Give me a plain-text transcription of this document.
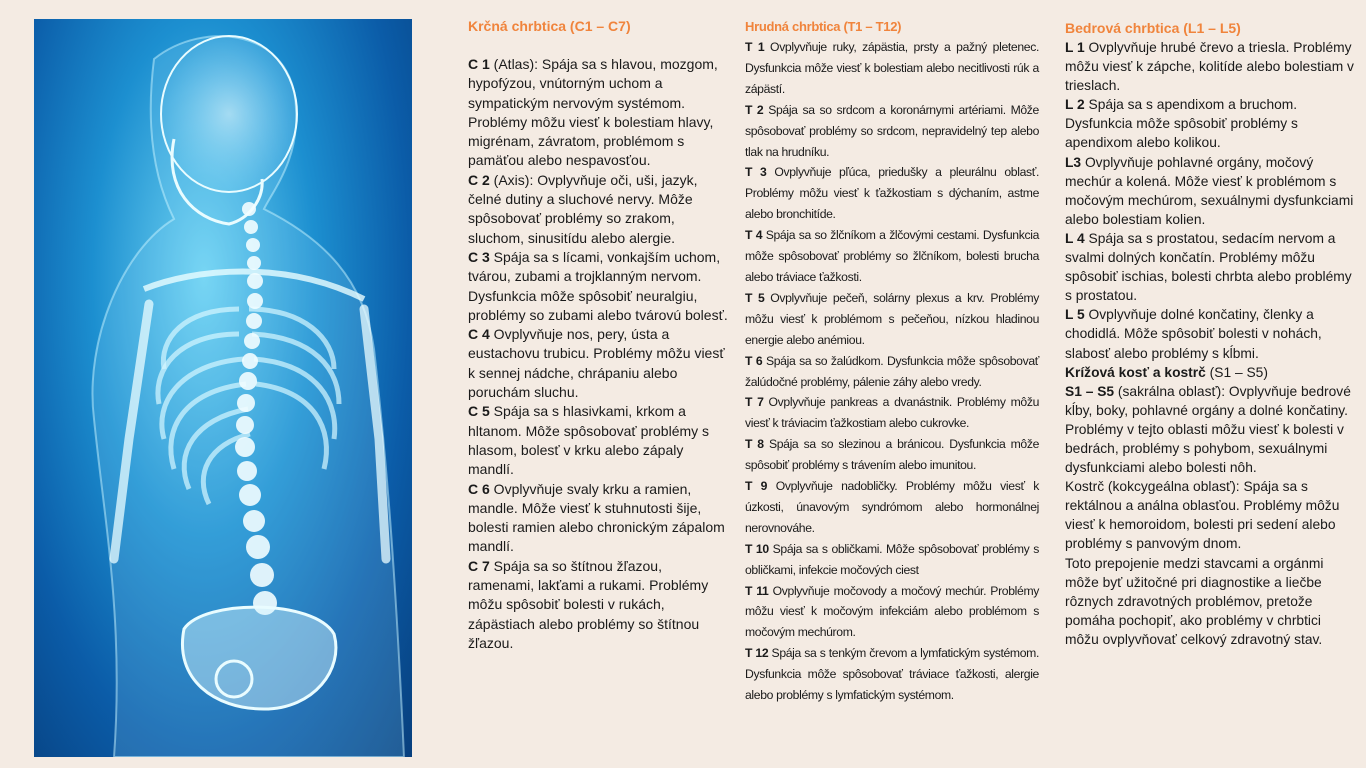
Krčná chrbtica (C1 – C7)

C 1 (Atlas): Spája sa s hlavou, mozgom, hypofýzou, vnútorným uchom a sympatickým nervovým systémom. Problémy môžu viesť k bolestiam hlavy, migrénam, závratom, problémom s pamäťou alebo nespavosťou.

C 2 (Axis): Ovplyvňuje oči, uši, jazyk, čelné dutiny a sluchové nervy. Môže spôsobovať problémy so zrakom, sluchom, sinusitídu alebo alergie.

C 3 Spája sa s lícami, vonkajším uchom, tvárou, zubami a trojklanným nervom. Dysfunkcia môže spôsobiť neuralgiu, problémy so zubami alebo tvárovú bolesť.

C 4 Ovplyvňuje nos, pery, ústa a eustachovu trubicu. Problémy môžu viesť k sennej nádche, chrápaniu alebo poruchám sluchu.

C 5 Spája sa s hlasivkami, krkom a hltanom. Môže spôsobovať problémy s hlasom, bolesť v krku alebo zápaly mandlí.

C 6 Ovplyvňuje svaly krku a ramien, mandle. Môže viesť k stuhnutosti šije, bolesti ramien alebo chronickým zápalom mandlí.

C 7 Spája sa so štítnou žľazou, ramenami, lakťami a rukami. Problémy môžu spôsobiť bolesti v rukách, zápästiach alebo problémy so štítnou žľazou.

Hrudná chrbtica (T1 – T12)

T 1 Ovplyvňuje ruky, zápästia, prsty a pažný pletenec. Dysfunkcia môže viesť k bolestiam alebo necitlivosti rúk a zápästí.

T 2 Spája sa so srdcom a koronárnymi artériami. Môže spôsobovať problémy so srdcom, nepravidelný tep alebo tlak na hrudníku.

T 3 Ovplyvňuje pľúca, priedušky a pleurálnu oblasť. Problémy môžu viesť k ťažkostiam s dýchaním, astme alebo bronchitíde.

T 4 Spája sa so žlčníkom a žlčovými cestami. Dysfunkcia môže spôsobovať problémy so žlčníkom, bolesti brucha alebo tráviace ťažkosti.

T 5 Ovplyvňuje pečeň, solárny plexus a krv. Problémy môžu viesť k problémom s pečeňou, nízkou hladinou energie alebo anémiou.

T 6 Spája sa so žalúdkom. Dysfunkcia môže spôsobovať žalúdočné problémy, pálenie záhy alebo vredy.

T 7 Ovplyvňuje pankreas a dvanástnik. Problémy môžu viesť k tráviacim ťažkostiam alebo cukrovke.

T 8 Spája sa so slezinou a bránicou. Dysfunkcia môže spôsobiť problémy s trávením alebo imunitou.

T 9 Ovplyvňuje nadobličky. Problémy môžu viesť k úzkosti, únavovým syndrómom alebo hormonálnej nerovnováhe.

T 10 Spája sa s obličkami. Môže spôsobovať problémy s obličkami, infekcie močových ciest

T 11 Ovplyvňuje močovody a močový mechúr. Problémy môžu viesť k močovým infekciám alebo problémom s močovým mechúrom.

T 12 Spája sa s tenkým črevom a lymfatickým systémom. Dysfunkcia môže spôsobovať tráviace ťažkosti, alergie alebo problémy s lymfatickým systémom.

Bedrová chrbtica (L1 – L5)

L 1 Ovplyvňuje hrubé črevo a triesla. Problémy môžu viesť k zápche, kolitíde alebo bolestiam v trieslach.

L 2 Spája sa s apendixom a bruchom. Dysfunkcia môže spôsobiť problémy s apendixom alebo kolikou.

L3 Ovplyvňuje pohlavné orgány, močový mechúr a kolená. Môže viesť k problémom s močovým mechúrom, sexuálnymi dysfunkciami alebo bolestiam kolien.

L 4 Spája sa s prostatou, sedacím nervom a svalmi dolných končatín. Problémy môžu spôsobiť ischias, bolesti chrbta alebo problémy s prostatou.

L 5 Ovplyvňuje dolné končatiny, členky a chodidlá. Môže spôsobiť bolesti v nohách, slabosť alebo problémy s kĺbmi.

Krížová kosť a kostrč (S1 – S5)

S1 – S5 (sakrálna oblasť): Ovplyvňuje bedrové kĺby, boky, pohlavné orgány a dolné končatiny. Problémy v tejto oblasti môžu viesť k bolesti v bedrách, problémy s pohybom, sexuálnymi dysfunkciami alebo bolesti nôh.

Kostrč (kokcygeálna oblasť): Spája sa s rektálnou a análna oblasťou. Problémy môžu viesť k hemoroidom, bolesti pri sedení alebo problémy s panvovým dnom.

Toto prepojenie medzi stavcami a orgánmi môže byť užitočné pri diagnostike a liečbe rôznych zdravotných problémov, pretože pomáha pochopiť, ako problémy v chrbtici môžu ovplyvňovať celkový zdravotný stav.
